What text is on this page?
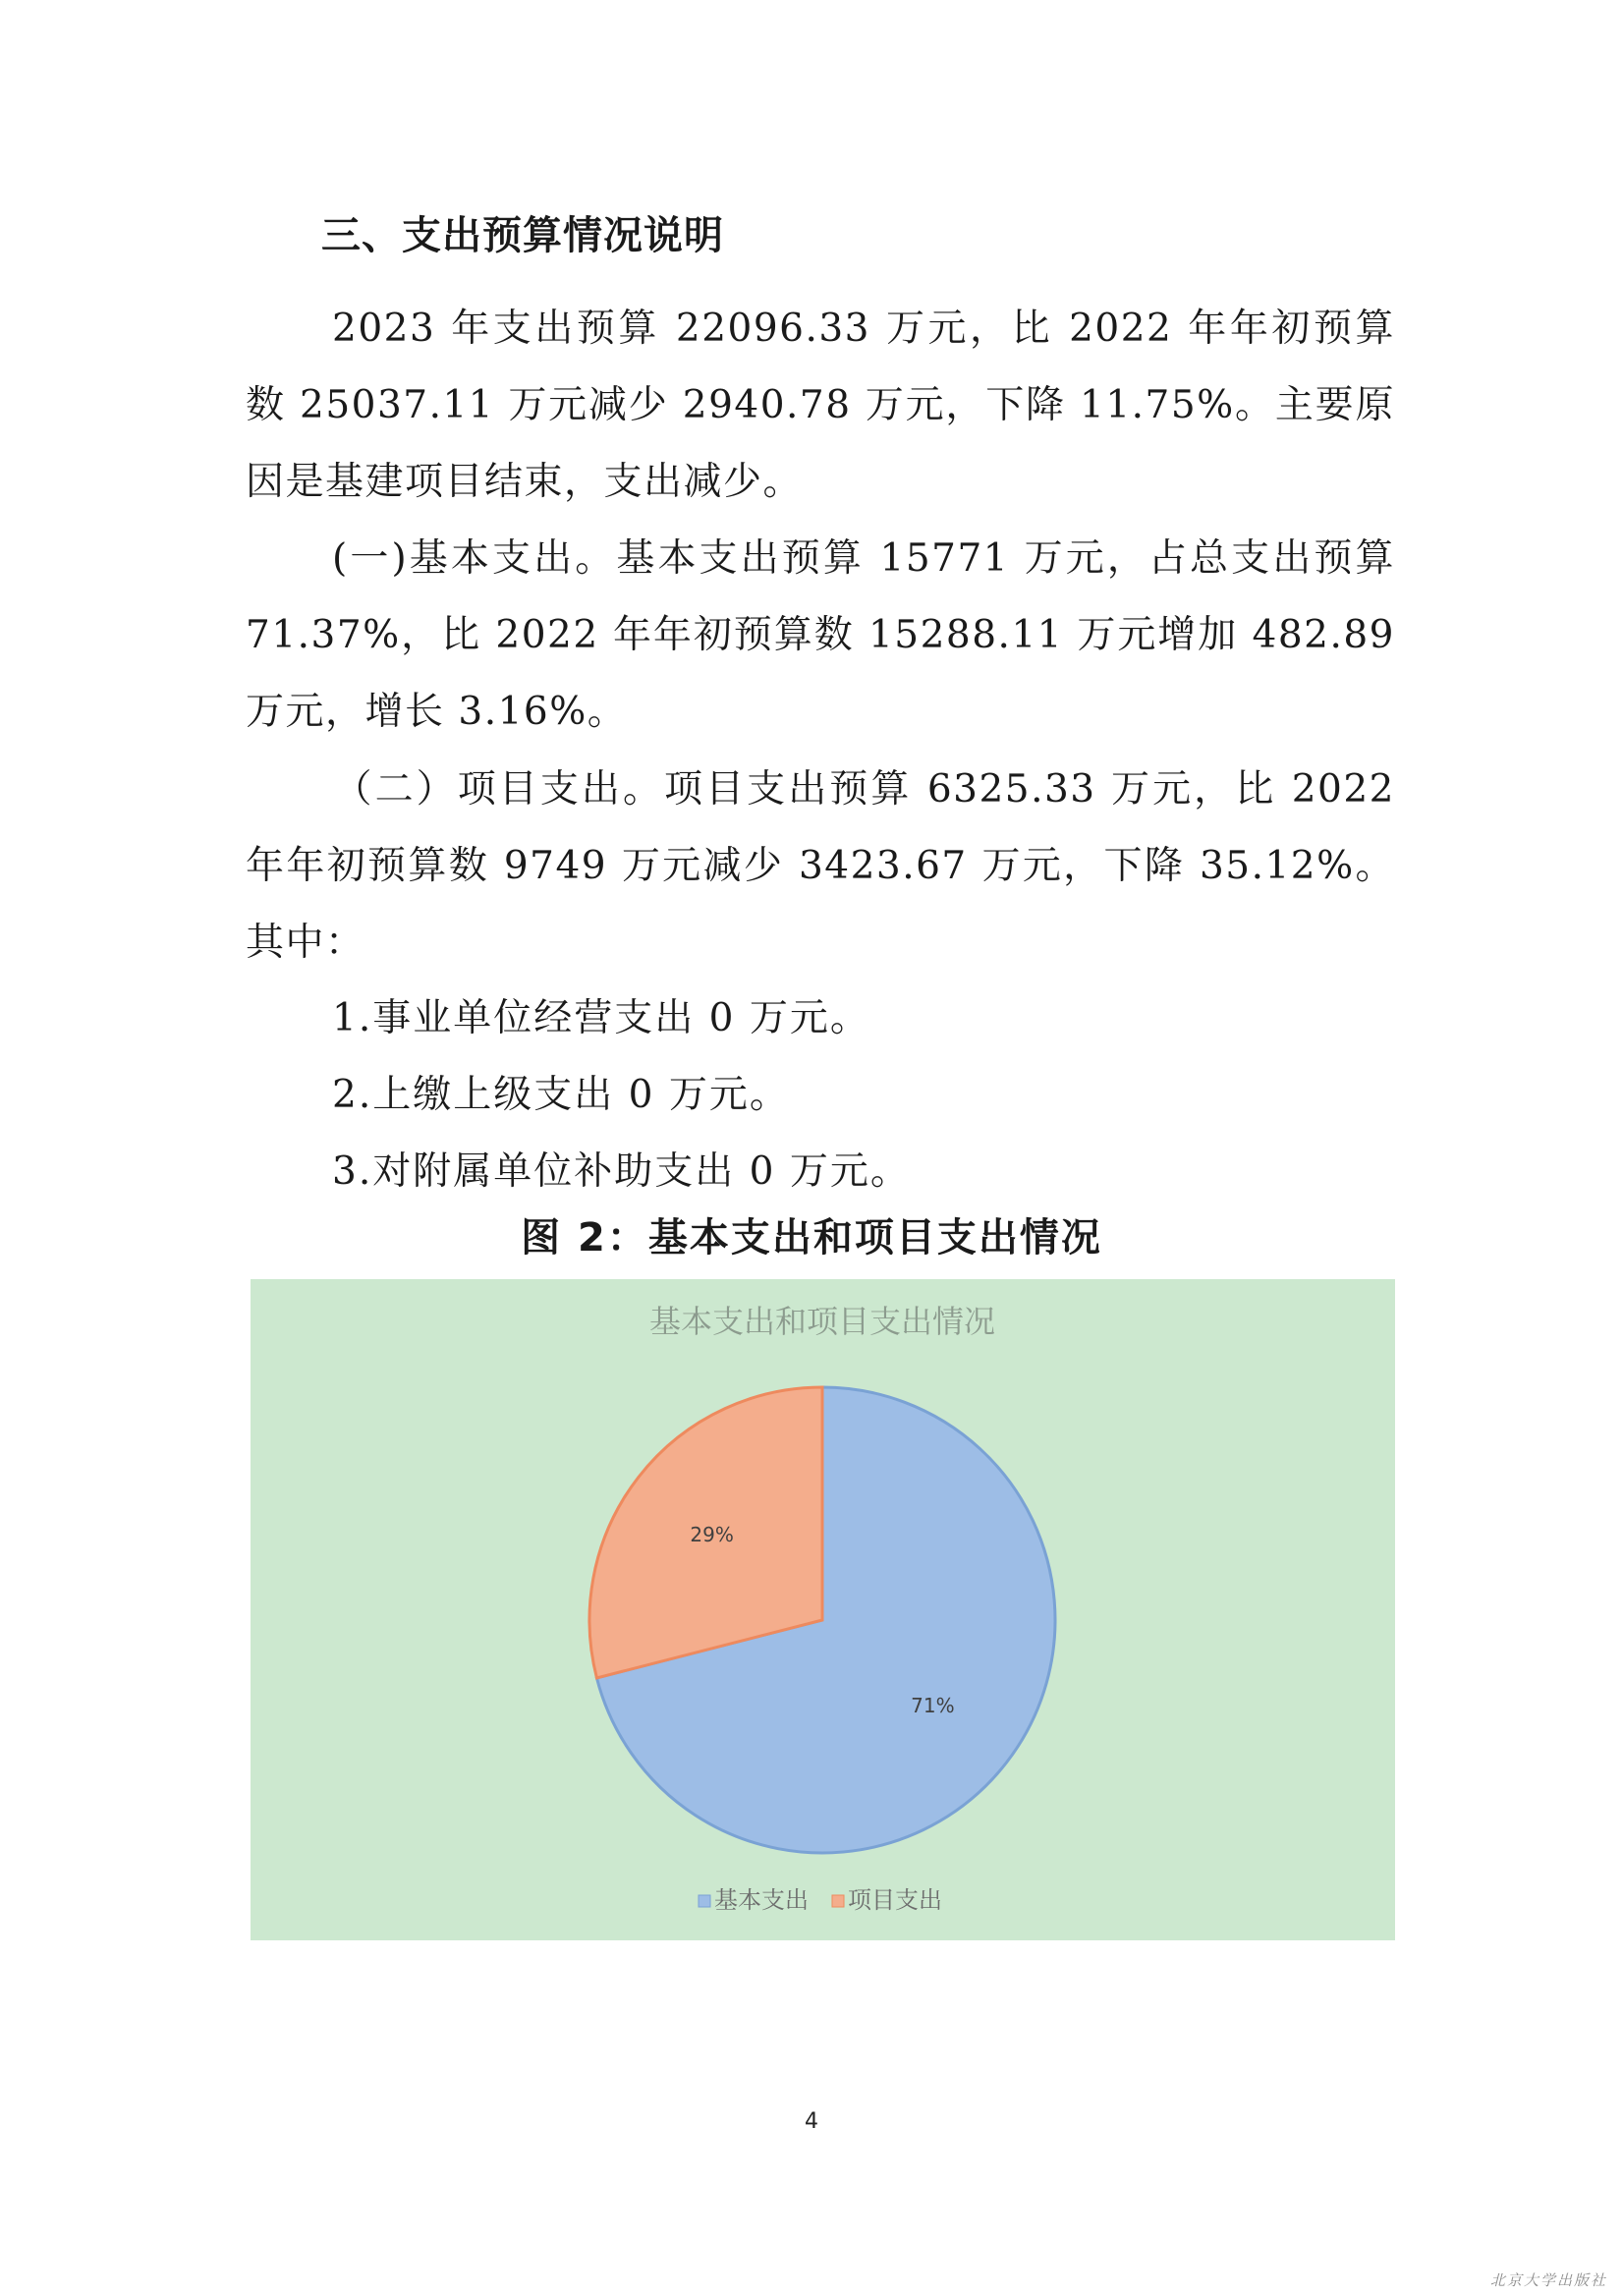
三、支出预算情况说明

2023 年支出预算 22096.33 万元，比 2022 年年初预算数 25037.11 万元减少 2940.78 万元，下降 11.75%。主要原因是基建项目结束，支出减少。

(一)基本支出。基本支出预算 15771 万元，占总支出预算 71.37%，比 2022 年年初预算数 15288.11 万元增加 482.89 万元，增长 3.16%。

（二）项目支出。项目支出预算 6325.33 万元，比 2022 年年初预算数 9749 万元减少 3423.67 万元，下降 35.12%。其中：

1.事业单位经营支出 0 万元。

2.上缴上级支出 0 万元。

3.对附属单位补助支出 0 万元。

图 2：基本支出和项目支出情况

基本支出和项目支出情况
71%
29%
基本支出 项目支出
4
北京大学出版社
